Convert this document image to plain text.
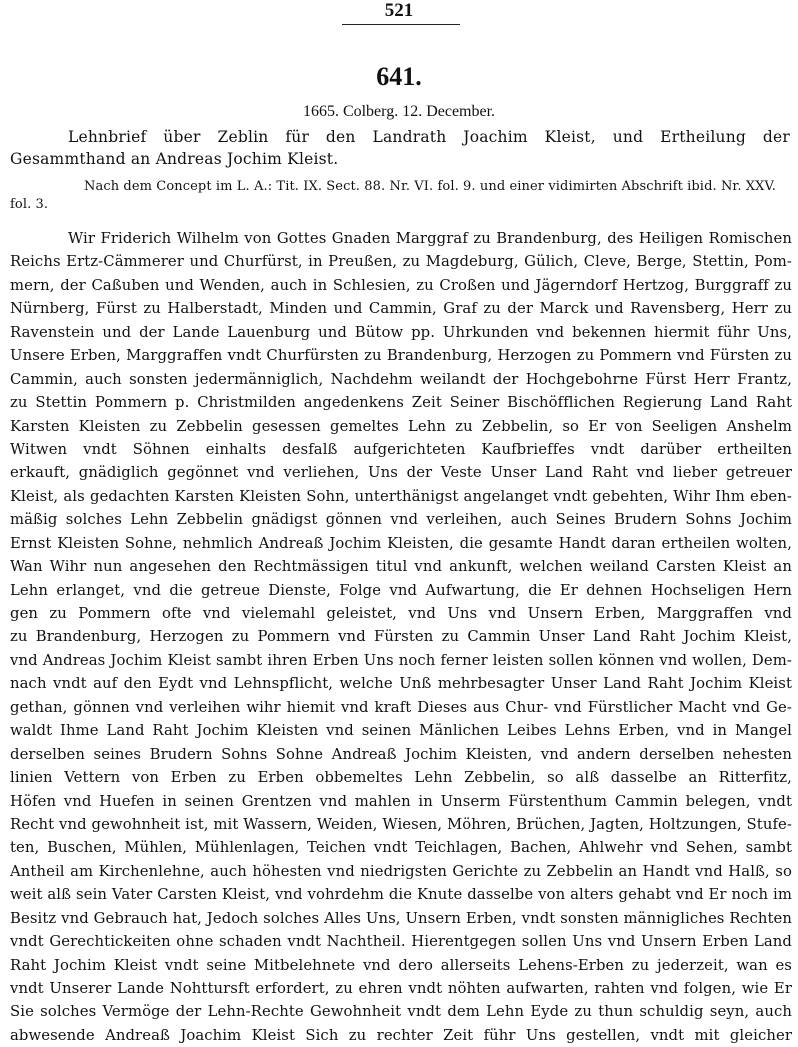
521
641.
1665. Colberg. 12. December.
Lehnbrief über Zeblin für den Landrath Joachim Kleist, und Ertheilung der Gesammthand an Andreas Jochim Kleist.
Nach dem Concept im L. A.: Tit. IX. Sect. 88. Nr. VI. fol. 9. und einer vidimirten Abschrift ibid. Nr. XXV. fol. 3.
Wir Friderich Wilhelm von Gottes Gnaden Marggraf zu Brandenburg, des Heiligen Romischen
Reichs Ertz-Cämmerer und Churfürst, in Preußen, zu Magdeburg, Gülich, Cleve, Berge, Stettin, Pom-
mern, der Caßuben und Wenden, auch in Schlesien, zu Croßen und Jägerndorf Hertzog, Burggraff zu
Nürnberg, Fürst zu Halberstadt, Minden und Cammin, Graf zu der Marck und Ravensberg, Herr zu
Ravenstein und der Lande Lauenburg und Bütow pp. Uhrkunden vnd bekennen hiermit führ Uns,
Unsere Erben, Marggraffen vndt Churfürsten zu Brandenburg, Herzogen zu Pommern vnd Fürsten zu
Cammin, auch sonsten jedermänniglich, Nachdehm weilandt der Hochgebohrne Fürst Herr Frantz,
zu Stettin Pommern p. Christmilden angedenkens Zeit Seiner Bischöfflichen Regierung Land Raht
Karsten Kleisten zu Zebbelin gesessen gemeltes Lehn zu Zebbelin, so Er von Seeligen Anshelm
Witwen vndt Söhnen einhalts desfalß aufgerichteten Kaufbrieffes vndt darüber ertheilten
erkauft, gnädiglich gegönnet vnd verliehen, Uns der Veste Unser Land Raht vnd lieber getreuer
Kleist, als gedachten Karsten Kleisten Sohn, unterthänigst angelanget vndt gebehten, Wihr Ihm eben-
mäßig solches Lehn Zebbelin gnädigst gönnen vnd verleihen, auch Seines Brudern Sohns Jochim
Ernst Kleisten Sohne, nehmlich Andreaß Jochim Kleisten, die gesamte Handt daran ertheilen wolten,
Wan Wihr nun angesehen den Rechtmässigen titul vnd ankunft, welchen weiland Carsten Kleist an
Lehn erlanget, vnd die getreue Dienste, Folge vnd Aufwartung, die Er dehnen Hochseligen Hern
gen zu Pommern ofte vnd vielemahl geleistet, vnd Uns vnd Unsern Erben, Marggraffen vnd
zu Brandenburg, Herzogen zu Pommern vnd Fürsten zu Cammin Unser Land Raht Jochim Kleist,
vnd Andreas Jochim Kleist sambt ihren Erben Uns noch ferner leisten sollen können vnd wollen, Dem-
nach vndt auf den Eydt vnd Lehnspflicht, welche Unß mehrbesagter Unser Land Raht Jochim Kleist
gethan, gönnen vnd verleihen wihr hiemit vnd kraft Dieses aus Chur- vnd Fürstlicher Macht vnd Ge-
waldt Ihme Land Raht Jochim Kleisten vnd seinen Mänlichen Leibes Lehns Erben, vnd in Mangel
derselben seines Brudern Sohns Sohne Andreaß Jochim Kleisten, vnd andern derselben nehesten
linien Vettern von Erben zu Erben obbemeltes Lehn Zebbelin, so alß dasselbe an Ritterfitz,
Höfen vnd Huefen in seinen Grentzen vnd mahlen in Unserm Fürstenthum Cammin belegen, vndt
Recht vnd gewohnheit ist, mit Wassern, Weiden, Wiesen, Möhren, Brüchen, Jagten, Holtzungen, Stufe-
ten, Buschen, Mühlen, Mühlenlagen, Teichen vndt Teichlagen, Bachen, Ahlwehr vnd Sehen, sambt
Antheil am Kirchenlehne, auch höhesten vnd niedrigsten Gerichte zu Zebbelin an Handt vnd Halß, so
weit alß sein Vater Carsten Kleist, vnd vohrdehm die Knute dasselbe von alters gehabt vnd Er noch im
Besitz vnd Gebrauch hat, Jedoch solches Alles Uns, Unsern Erben, vndt sonsten männigliches Rechten
vndt Gerechtickeiten ohne schaden vndt Nachtheil. Hierentgegen sollen Uns vnd Unsern Erben Land
Raht Jochim Kleist vndt seine Mitbelehnete vnd dero allerseits Lehens-Erben zu jederzeit, wan es
vndt Unserer Lande Nohttursft erfordert, zu ehren vndt nöhten aufwarten, rahten vnd folgen, wie Er
Sie solches Vermöge der Lehn-Rechte Gewohnheit vndt dem Lehn Eyde zu thun schuldig seyn, auch
abwesende Andreaß Joachim Kleist Sich zu rechter Zeit führ Uns gestellen, vndt mit gleicher
